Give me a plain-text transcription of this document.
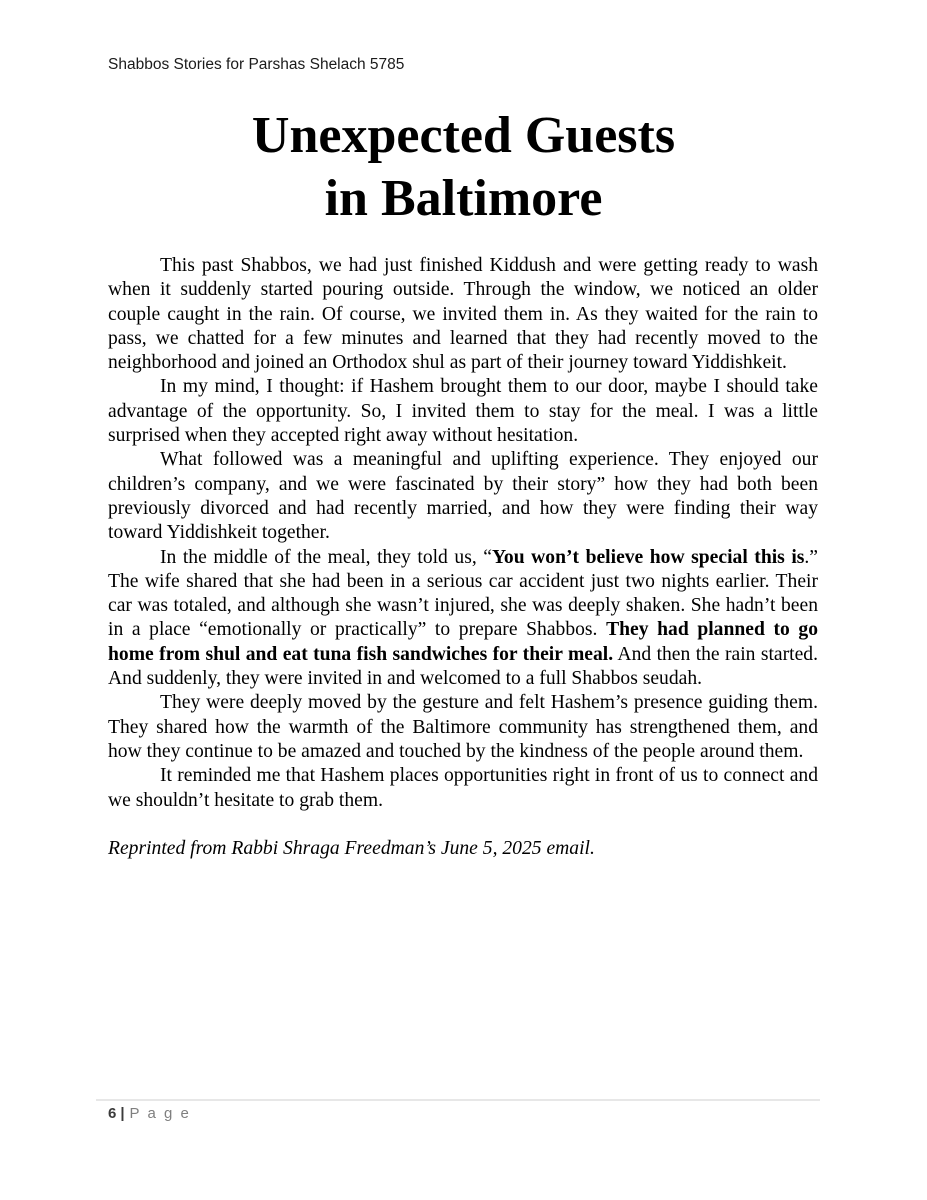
Shabbos Stories for Parshas Shelach 5785
Unexpected Guests
in Baltimore

This past Shabbos, we had just finished Kiddush and were getting ready to wash when it suddenly started pouring outside. Through the window, we noticed an older couple caught in the rain. Of course, we invited them in. As they waited for the rain to pass, we chatted for a few minutes and learned that they had recently moved to the neighborhood and joined an Orthodox shul as part of their journey toward Yiddishkeit.

In my mind, I thought: if Hashem brought them to our door, maybe I should take advantage of the opportunity. So, I invited them to stay for the meal. I was a little surprised when they accepted right away without hesitation.

What followed was a meaningful and uplifting experience. They enjoyed our children’s company, and we were fascinated by their story” how they had both been previously divorced and had recently married, and how they were finding their way toward Yiddishkeit together.

In the middle of the meal, they told us, “You won’t believe how special this is.” The wife shared that she had been in a serious car accident just two nights earlier. Their car was totaled, and although she wasn’t injured, she was deeply shaken. She hadn’t been in a place “emotionally or practically” to prepare Shabbos. They had planned to go home from shul and eat tuna fish sandwiches for their meal. And then the rain started. And suddenly, they were invited in and welcomed to a full Shabbos seudah.

They were deeply moved by the gesture and felt Hashem’s presence guiding them. They shared how the warmth of the Baltimore community has strengthened them, and how they continue to be amazed and touched by the kindness of the people around them.

It reminded me that Hashem places opportunities right in front of us to connect and we shouldn’t hesitate to grab them.

Reprinted from Rabbi Shraga Freedman’s June 5, 2025 email.

6 | P a g e
